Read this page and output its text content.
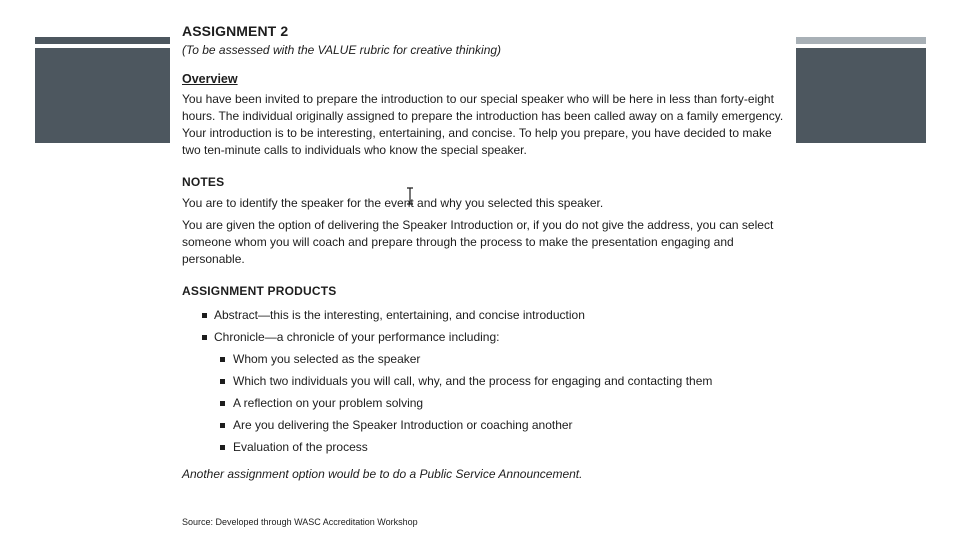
ASSIGNMENT 2

(To be assessed with the VALUE rubric for creative thinking)

Overview

You have been invited to prepare the introduction to our special speaker who will be here in less than forty-eight hours. The individual originally assigned to prepare the introduction has been called away on a family emergency. Your introduction is to be interesting, entertaining, and concise. To help you prepare, you have decided to make two ten-minute calls to individuals who know the special speaker.

NOTES

You are to identify the speaker for the event and why you selected this speaker.

You are given the option of delivering the Speaker Introduction or, if you do not give the address, you can select someone whom you will coach and prepare through the process to make the presentation engaging and personable.

ASSIGNMENT PRODUCTS

Abstract—this is the interesting, entertaining, and concise introduction
Chronicle—a chronicle of your performance including:
Whom you selected as the speaker
Which two individuals you will call, why, and the process for engaging and contacting them
A reflection on your problem solving
Are you delivering the Speaker Introduction or coaching another
Evaluation of the process

Another assignment option would be to do a Public Service Announcement.

Source: Developed through WASC Accreditation Workshop
